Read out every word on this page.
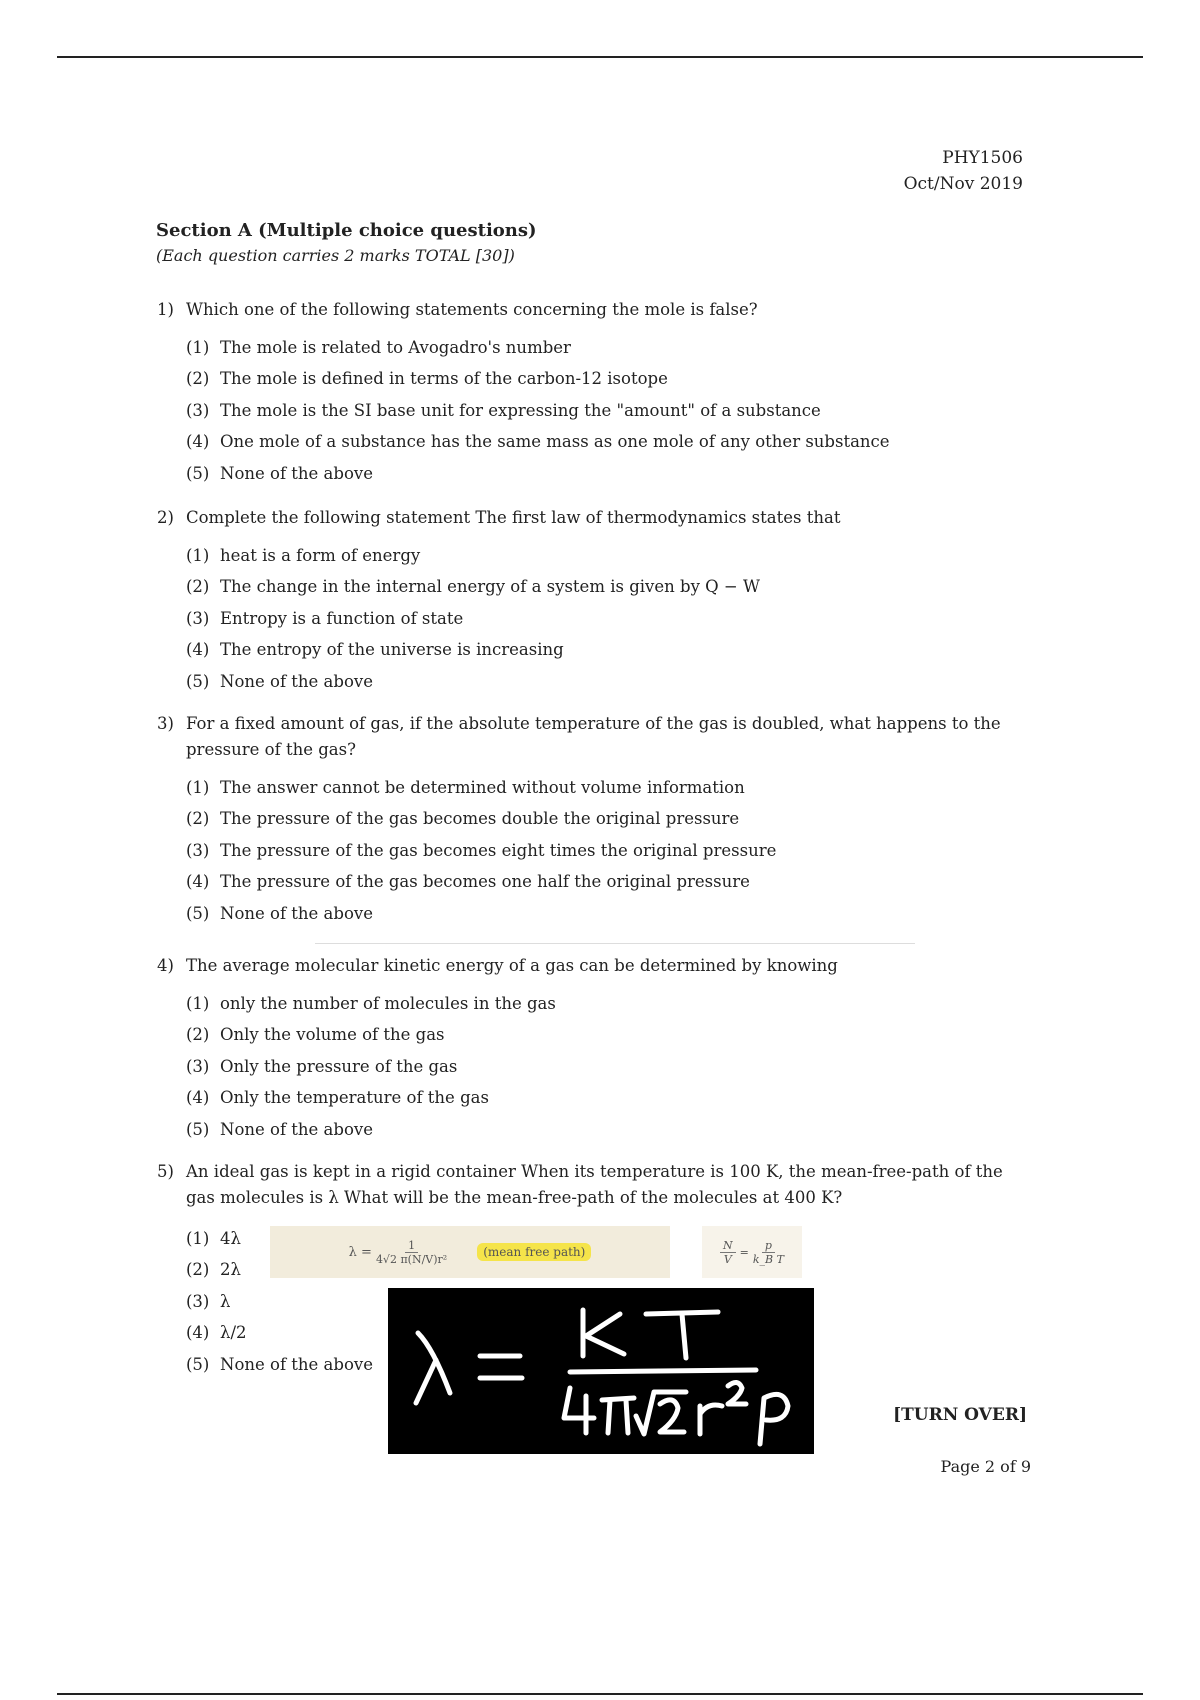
PHY1506
Oct/Nov 2019
Section A (Multiple choice questions)
(Each question carries 2 marks TOTAL [30])
1) Which one of the following statements concerning the mole is false?
(1) The mole is related to Avogadro's number
(2) The mole is defined in terms of the carbon-12 isotope
(3) The mole is the SI base unit for expressing the "amount" of a substance
(4) One mole of a substance has the same mass as one mole of any other substance
(5) None of the above
2) Complete the following statement The first law of thermodynamics states that
(1) heat is a form of energy
(2) The change in the internal energy of a system is given by Q − W
(3) Entropy is a function of state
(4) The entropy of the universe is increasing
(5) None of the above
3) For a fixed amount of gas, if the absolute temperature of the gas is doubled, what happens to the pressure of the gas?
(1) The answer cannot be determined without volume information
(2) The pressure of the gas becomes double the original pressure
(3) The pressure of the gas becomes eight times the original pressure
(4) The pressure of the gas becomes one half the original pressure
(5) None of the above
4) The average molecular kinetic energy of a gas can be determined by knowing
(1) only the number of molecules in the gas
(2) Only the volume of the gas
(3) Only the pressure of the gas
(4) Only the temperature of the gas
(5) None of the above
5) An ideal gas is kept in a rigid container When its temperature is 100 K, the mean-free-path of the gas molecules is λ What will be the mean-free-path of the molecules at 400 K?
(1) 4λ
(2) 2λ
(3) λ
(4) λ/2
(5) None of the above
$\lambda = \frac{1}{\text{4√2 π(N/V)r²}}$	(mean free path)	$\frac{N}{V} = \frac{p}{\text{k\_B T}}$
[TURN OVER]
Page 2 of 9
